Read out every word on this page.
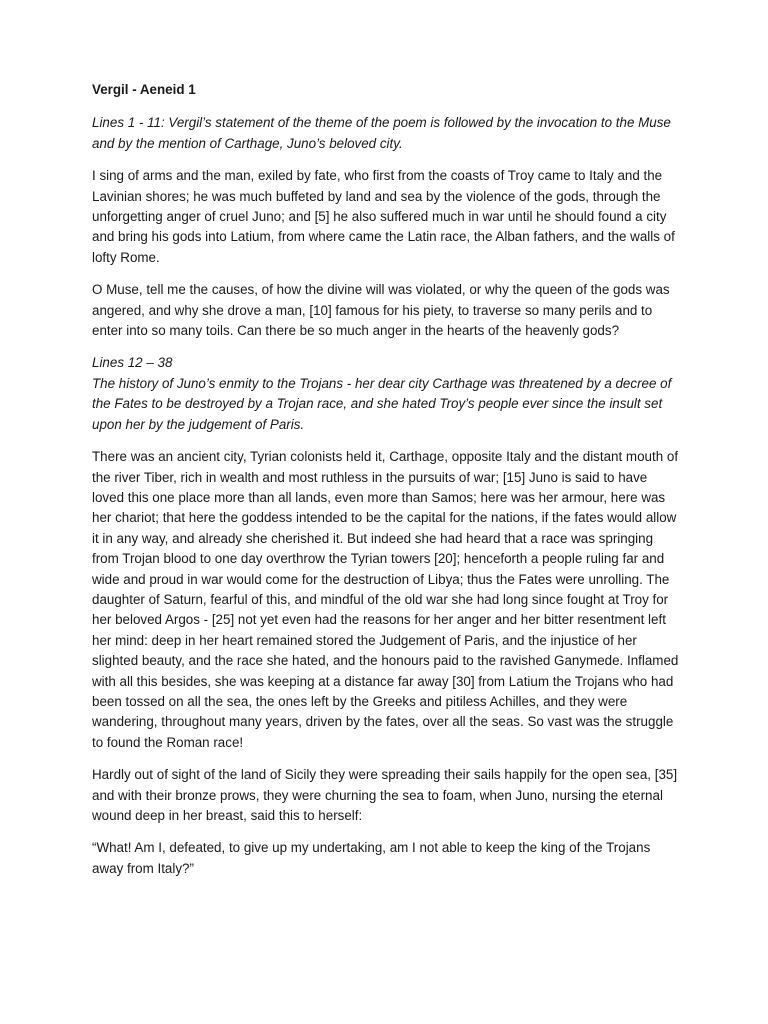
Vergil - Aeneid 1

Lines 1 - 11: Vergil’s statement of the theme of the poem is followed by the invocation to the Muse and by the mention of Carthage, Juno’s beloved city.

I sing of arms and the man, exiled by fate, who first from the coasts of Troy came to Italy and the Lavinian shores; he was much buffeted by land and sea by the violence of the gods, through the unforgetting anger of cruel Juno; and [5] he also suffered much in war until he should found a city and bring his gods into Latium, from where came the Latin race, the Alban fathers, and the walls of lofty Rome.

O Muse, tell me the causes, of how the divine will was violated, or why the queen of the gods was angered, and why she drove a man, [10] famous for his piety, to traverse so many perils and to enter into so many toils. Can there be so much anger in the hearts of the heavenly gods?

Lines 12 – 38

The history of Juno’s enmity to the Trojans - her dear city Carthage was threatened by a decree of the Fates to be destroyed by a Trojan race, and she hated Troy’s people ever since the insult set upon her by the judgement of Paris.

There was an ancient city, Tyrian colonists held it, Carthage, opposite Italy and the distant mouth of the river Tiber, rich in wealth and most ruthless in the pursuits of war; [15] Juno is said to have loved this one place more than all lands, even more than Samos; here was her armour, here was her chariot; that here the goddess intended to be the capital for the nations, if the fates would allow it in any way, and already she cherished it. But indeed she had heard that a race was springing from Trojan blood to one day overthrow the Tyrian towers [20]; henceforth a people ruling far and wide and proud in war would come for the destruction of Libya; thus the Fates were unrolling. The daughter of Saturn, fearful of this, and mindful of the old war she had long since fought at Troy for her beloved Argos - [25] not yet even had the reasons for her anger and her bitter resentment left her mind: deep in her heart remained stored the Judgement of Paris, and the injustice of her slighted beauty, and the race she hated, and the honours paid to the ravished Ganymede. Inflamed with all this besides, she was keeping at a distance far away [30] from Latium the Trojans who had been tossed on all the sea, the ones left by the Greeks and pitiless Achilles, and they were wandering, throughout many years, driven by the fates, over all the seas. So vast was the struggle to found the Roman race!

Hardly out of sight of the land of Sicily they were spreading their sails happily for the open sea, [35] and with their bronze prows, they were churning the sea to foam, when Juno, nursing the eternal wound deep in her breast, said this to herself:

“What! Am I, defeated, to give up my undertaking, am I not able to keep the king of the Trojans away from Italy?”
